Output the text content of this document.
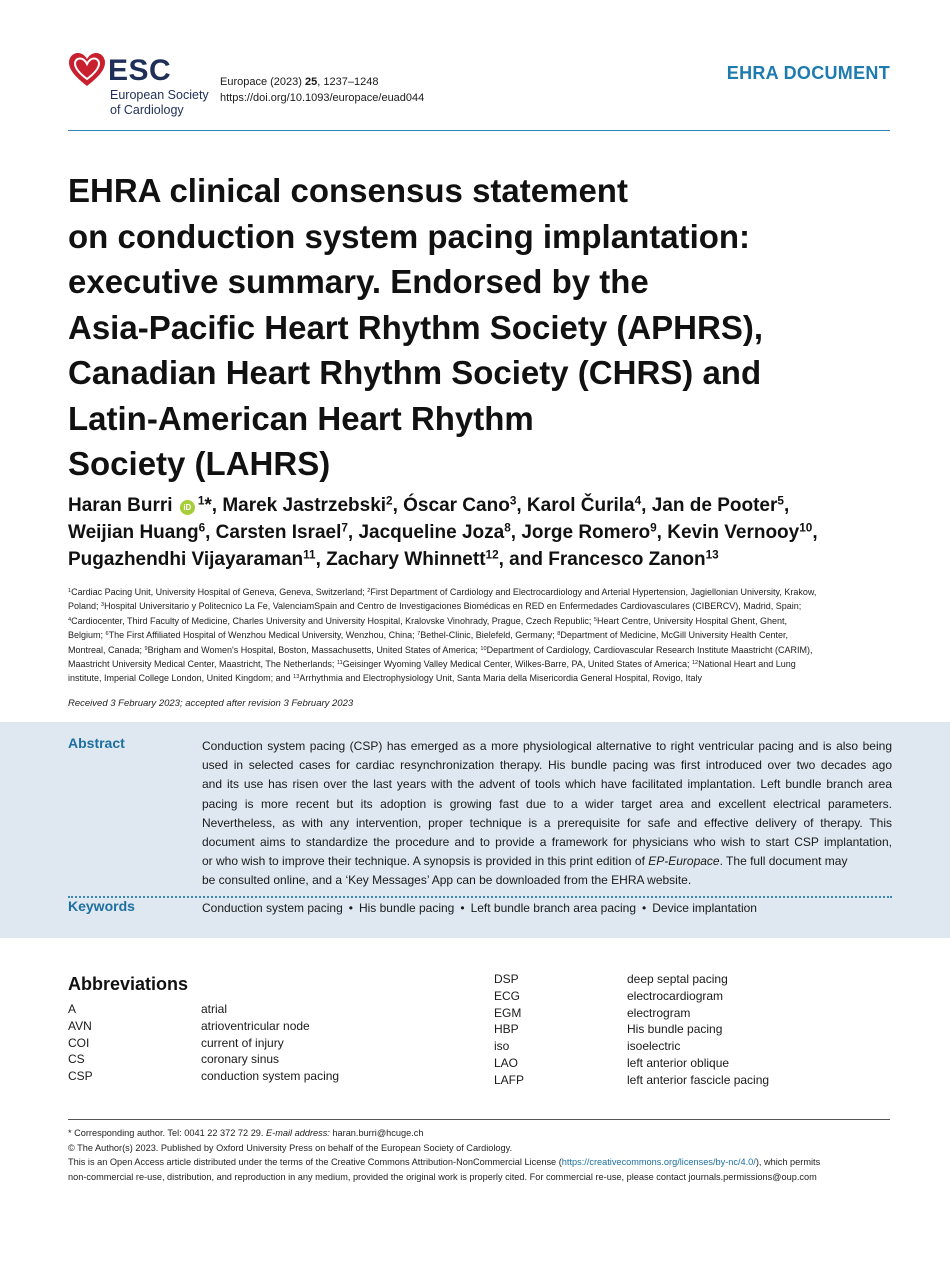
ESC
European Society
of Cardiology
Europace (2023) 25, 1237–1248
https://doi.org/10.1093/europace/euad044
EHRA DOCUMENT
EHRA clinical consensus statement
on conduction system pacing implantation:
executive summary. Endorsed by the
Asia-Pacific Heart Rhythm Society (APHRS),
Canadian Heart Rhythm Society (CHRS) and
Latin-American Heart Rhythm
Society (LAHRS)
Haran Burri iD $^1$*, Marek Jastrzebski$^2$, Óscar Cano$^3$, Karol Čurila$^4$, Jan de Pooter$^5$,
Weijian Huang$^6$, Carsten Israel$^7$, Jacqueline Joza$^8$, Jorge Romero$^9$, Kevin Vernooy$^{10}$,
Pugazhendhi Vijayaraman$^{11}$, Zachary Whinnett$^{12}$, and Francesco Zanon$^{13}$
$^1$Cardiac Pacing Unit, University Hospital of Geneva, Geneva, Switzerland; $^2$First Department of Cardiology and Electrocardiology and Arterial Hypertension, Jagiellonian University, Krakow,
Poland; $^3$Hospital Universitario y Politecnico La Fe, ValenciamSpain and Centro de Investigaciones Biomédicas en RED en Enfermedades Cardiovasculares (CIBERCV), Madrid, Spain;
$^4$Cardiocenter, Third Faculty of Medicine, Charles University and University Hospital, Kralovske Vinohrady, Prague, Czech Republic; $^5$Heart Centre, University Hospital Ghent, Ghent,
Belgium; $^6$The First Affiliated Hospital of Wenzhou Medical University, Wenzhou, China; $^7$Bethel-Clinic, Bielefeld, Germany; $^8$Department of Medicine, McGill University Health Center,
Montreal, Canada; $^9$Brigham and Women's Hospital, Boston, Massachusetts, United States of America; $^{10}$Department of Cardiology, Cardiovascular Research Institute Maastricht (CARIM),
Maastricht University Medical Center, Maastricht, The Netherlands; $^{11}$Geisinger Wyoming Valley Medical Center, Wilkes-Barre, PA, United States of America; $^{12}$National Heart and Lung
institute, Imperial College London, United Kingdom; and $^{13}$Arrhythmia and Electrophysiology Unit, Santa Maria della Misericordia General Hospital, Rovigo, Italy
Received 3 February 2023; accepted after revision 3 February 2023
Abstract	Conduction system pacing (CSP) has emerged as a more physiological alternative to right ventricular pacing and is also being
used in selected cases for cardiac resynchronization therapy. His bundle pacing was first introduced over two decades ago
and its use has risen over the last years with the advent of tools which have facilitated implantation. Left bundle branch area
pacing is more recent but its adoption is growing fast due to a wider target area and excellent electrical parameters.
Nevertheless, as with any intervention, proper technique is a prerequisite for safe and effective delivery of therapy. This
document aims to standardize the procedure and to provide a framework for physicians who wish to start CSP implantation,
or who wish to improve their technique. A synopsis is provided in this print edition of EP-Europace. The full document may
be consulted online, and a ‘Key Messages’ App can be downloaded from the EHRA website.
Keywords	Conduction system pacing • His bundle pacing • Left bundle branch area pacing • Device implantation
Abbreviations
A	atrial
AVN	atrioventricular node
COI	current of injury
CS	coronary sinus
CSP	conduction system pacing
DSP	deep septal pacing
ECG	electrocardiogram
EGM	electrogram
HBP	His bundle pacing
iso	isoelectric
LAO	left anterior oblique
LAFP	left anterior fascicle pacing
* Corresponding author. Tel: 0041 22 372 72 29. E-mail address: haran.burri@hcuge.ch
© The Author(s) 2023. Published by Oxford University Press on behalf of the European Society of Cardiology.
This is an Open Access article distributed under the terms of the Creative Commons Attribution-NonCommercial License (https://creativecommons.org/licenses/by-nc/4.0/), which permits
non-commercial re-use, distribution, and reproduction in any medium, provided the original work is properly cited. For commercial re-use, please contact journals.permissions@oup.com
